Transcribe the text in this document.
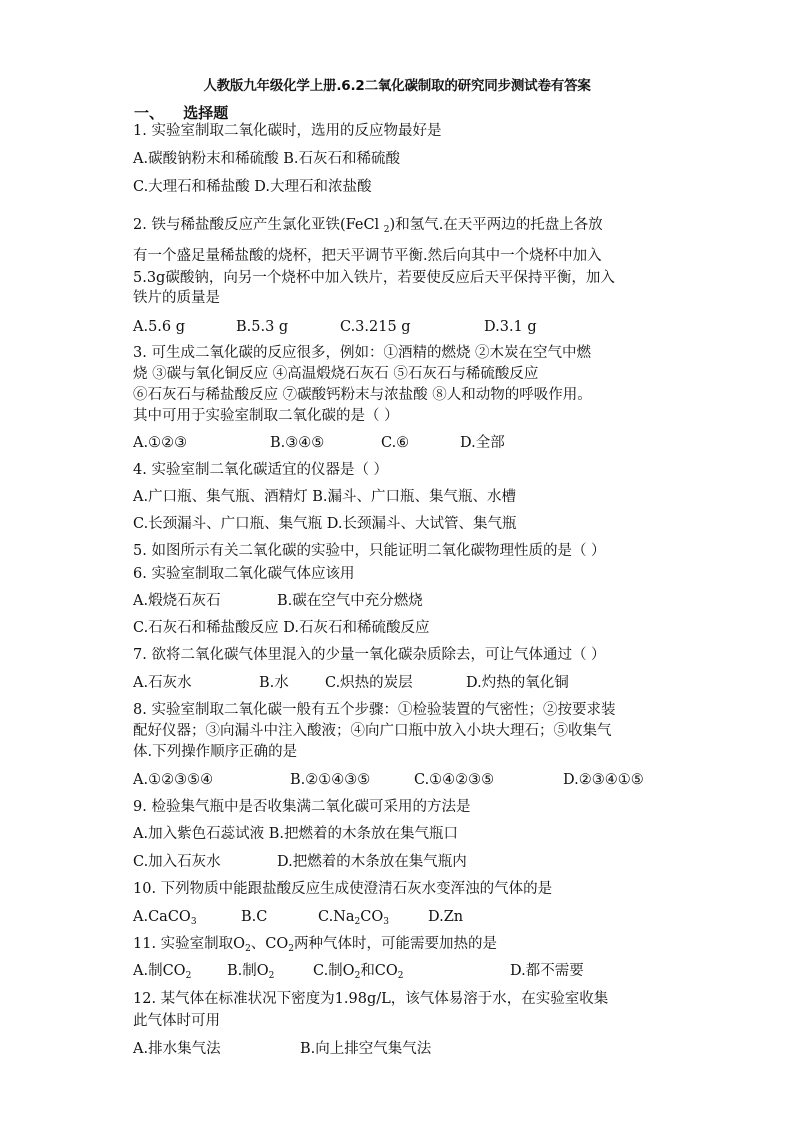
人教版九年级化学上册.6.2二氧化碳制取的研究同步测试卷有答案
一、 选择题
1. 实验室制取二氧化碳时，选用的反应物最好是
A.碳酸钠粉末和稀硫酸 B.石灰石和稀硫酸
C.大理石和稀盐酸 D.大理石和浓盐酸
2. 铁与稀盐酸反应产生氯化亚铁(FeCl $_2$)和氢气.在天平两边的托盘上各放
有一个盛足量稀盐酸的烧杯，把天平调节平衡.然后向其中一个烧杯中加入
5.3g碳酸钠，向另一个烧杯中加入铁片，若要使反应后天平保持平衡，加入
铁片的质量是
A.5.6 g	B.5.3 g	C.3.215 g	D.3.1 g
3. 可生成二氧化碳的反应很多，例如：①酒精的燃烧 ②木炭在空气中燃
烧 ③碳与氧化铜反应 ④高温煅烧石灰石 ⑤石灰石与稀硫酸反应
⑥石灰石与稀盐酸反应 ⑦碳酸钙粉末与浓盐酸 ⑧人和动物的呼吸作用。
其中可用于实验室制取二氧化碳的是（ ）
A.①②③	B.③④⑤	C.⑥	D.全部
4. 实验室制二氧化碳适宜的仪器是（ ）
A.广口瓶、集气瓶、酒精灯 B.漏斗、广口瓶、集气瓶、水槽
C.长颈漏斗、广口瓶、集气瓶 D.长颈漏斗、大试管、集气瓶
5. 如图所示有关二氧化碳的实验中，只能证明二氧化碳物理性质的是（ ）
6. 实验室制取二氧化碳气体应该用
A.煅烧石灰石	B.碳在空气中充分燃烧
C.石灰石和稀盐酸反应 D.石灰石和稀硫酸反应
7. 欲将二氧化碳气体里混入的少量一氧化碳杂质除去，可让气体通过（ ）
A.石灰水	B.水 C.炽热的炭层	D.灼热的氧化铜
8. 实验室制取二氧化碳一般有五个步骤：①检验装置的气密性；②按要求装
配好仪器；③向漏斗中注入酸液；④向广口瓶中放入小块大理石；⑤收集气
体.下列操作顺序正确的是
A.①②③⑤④	B.②①④③⑤	C.①④②③⑤	D.②③④①⑤
9. 检验集气瓶中是否收集满二氧化碳可采用的方法是
A.加入紫色石蕊试液 B.把燃着的木条放在集气瓶口
C.加入石灰水	D.把燃着的木条放在集气瓶内
10. 下列物质中能跟盐酸反应生成使澄清石灰水变浑浊的气体的是
A.CaCO$_3$	B.C	$C.Na_2CO_3$	D.Zn
11. 实验室制取$O_2$、$CO_2$两种气体时，可能需要加热的是
A.制$CO_2$ B.制$O_2$	C.制$O_2$和$CO_2$	D.都不需要
12. 某气体在标准状况下密度为1.98g/L，该气体易溶于水，在实验室收集
此气体时可用
A.排水集气法	B.向上排空气集气法
